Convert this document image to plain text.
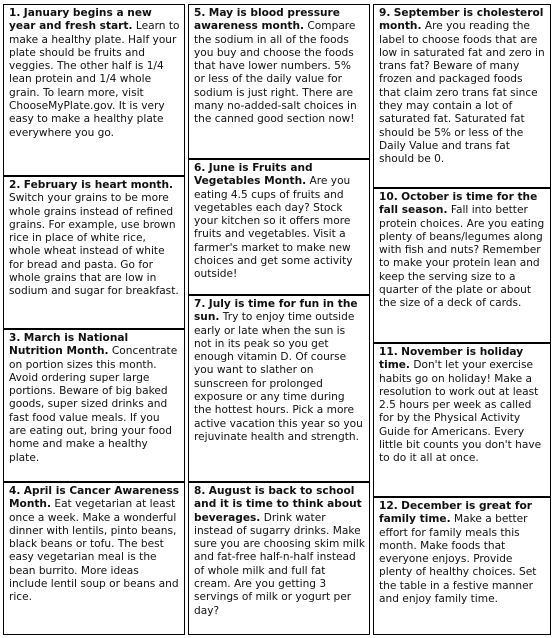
1. January begins a new year and fresh start. Learn to make a healthy plate. Half your plate should be fruits and veggies. The other half is 1/4 lean protein and 1/4 whole grain. To learn more, visit ChooseMyPlate.gov. It is very easy to make a healthy plate everywhere you go.

2. February is heart month. Switch your grains to be more whole grains instead of refined grains. For example, use brown rice in place of white rice, whole wheat instead of white for bread and pasta. Go for whole grains that are low in sodium and sugar for breakfast.

3. March is National Nutrition Month. Concentrate on portion sizes this month. Avoid ordering super large portions. Beware of big baked goods, super sized drinks and fast food value meals. If you are eating out, bring your food home and make a healthy plate.

4. April is Cancer Awareness Month. Eat vegetarian at least once a week. Make a wonderful dinner with lentils, pinto beans, black beans or tofu. The best easy vegetarian meal is the bean burrito. More ideas include lentil soup or beans and rice.

5. May is blood pressure awareness month. Compare the sodium in all of the foods you buy and choose the foods that have lower numbers. 5% or less of the daily value for sodium is just right. There are many no-added-salt choices in the canned good section now!

6. June is Fruits and Vegetables Month. Are you eating 4.5 cups of fruits and vegetables each day? Stock your kitchen so it offers more fruits and vegetables. Visit a farmer's market to make new choices and get some activity outside!

7. July is time for fun in the sun. Try to enjoy time outside early or late when the sun is not in its peak so you get enough vitamin D. Of course you want to slather on sunscreen for prolonged exposure or any time during the hottest hours. Pick a more active vacation this year so you rejuvinate health and strength.

8. August is back to school and it is time to think about beverages. Drink water instead of sugarry drinks. Make sure you are choosing skim milk and fat-free half-n-half instead of whole milk and full fat cream. Are you getting 3 servings of milk or yogurt per day?

9. September is cholesterol month. Are you reading the label to choose foods that are low in saturated fat and zero in trans fat? Beware of many frozen and packaged foods that claim zero trans fat since they may contain a lot of saturated fat. Saturated fat should be 5% or less of the Daily Value and trans fat should be 0.

10. October is time for the fall season. Fall into better protein choices. Are you eating plenty of beans/legumes along with fish and nuts? Remember to make your protein lean and keep the serving size to a quarter of the plate or about the size of a deck of cards.

11. November is holiday time. Don't let your exercise habits go on holiday! Make a resolution to work out at least 2.5 hours per week as called for by the Physical Activity Guide for Americans. Every little bit counts you don't have to do it all at once.

12. December is great for family time. Make a better effort for family meals this month. Make foods that everyone enjoys. Provide plenty of healthy choices. Set the table in a festive manner and enjoy family time.
